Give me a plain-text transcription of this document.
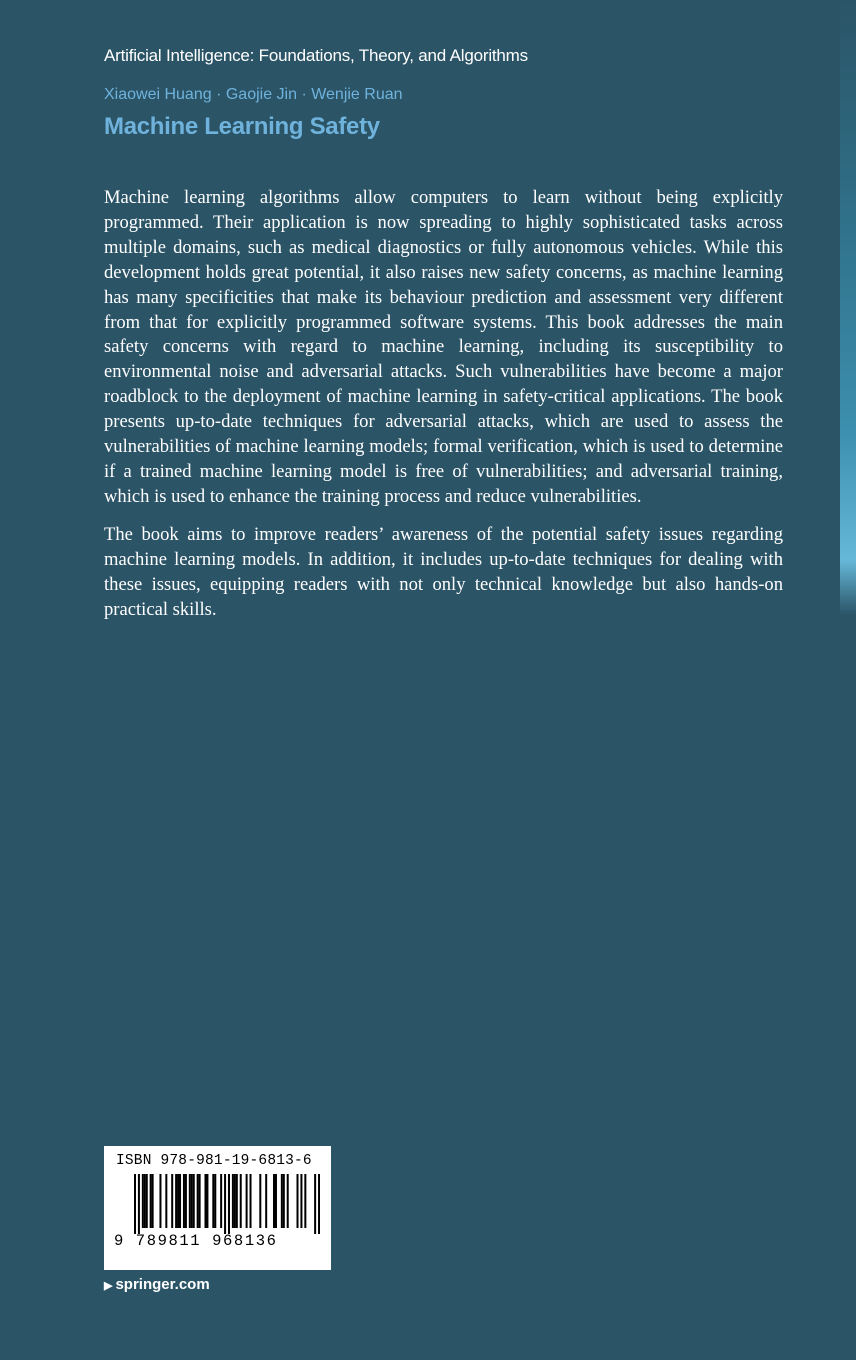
Artificial Intelligence: Foundations, Theory, and Algorithms
Xiaowei Huang · Gaojie Jin · Wenjie Ruan
Machine Learning Safety

Machine learning algorithms allow computers to learn without being explicitly programmed. Their application is now spreading to highly sophisticated tasks across multiple domains, such as medical diagnostics or fully autonomous vehicles. While this development holds great potential, it also raises new safety concerns, as machine learning has many specificities that make its behaviour prediction and assessment very different from that for explicitly programmed software systems. This book addresses the main safety concerns with regard to machine learning, including its susceptibility to environmental noise and adversarial attacks. Such vulnerabilities have become a major roadblock to the deployment of machine learning in safety-critical applications. The book presents up-to-date techniques for adversarial attacks, which are used to assess the vulnerabilities of machine learning models; formal verification, which is used to determine if a trained machine learning model is free of vulnerabilities; and adversarial training, which is used to enhance the training process and reduce vulnerabilities.

The book aims to improve readers’ awareness of the potential safety issues regarding machine learning models. In addition, it includes up-to-date techniques for dealing with these issues, equipping readers with not only technical knowledge but also hands-on practical skills.

ISBN 978-981-19-6813-6
9 789811 968136
▶ springer.com
